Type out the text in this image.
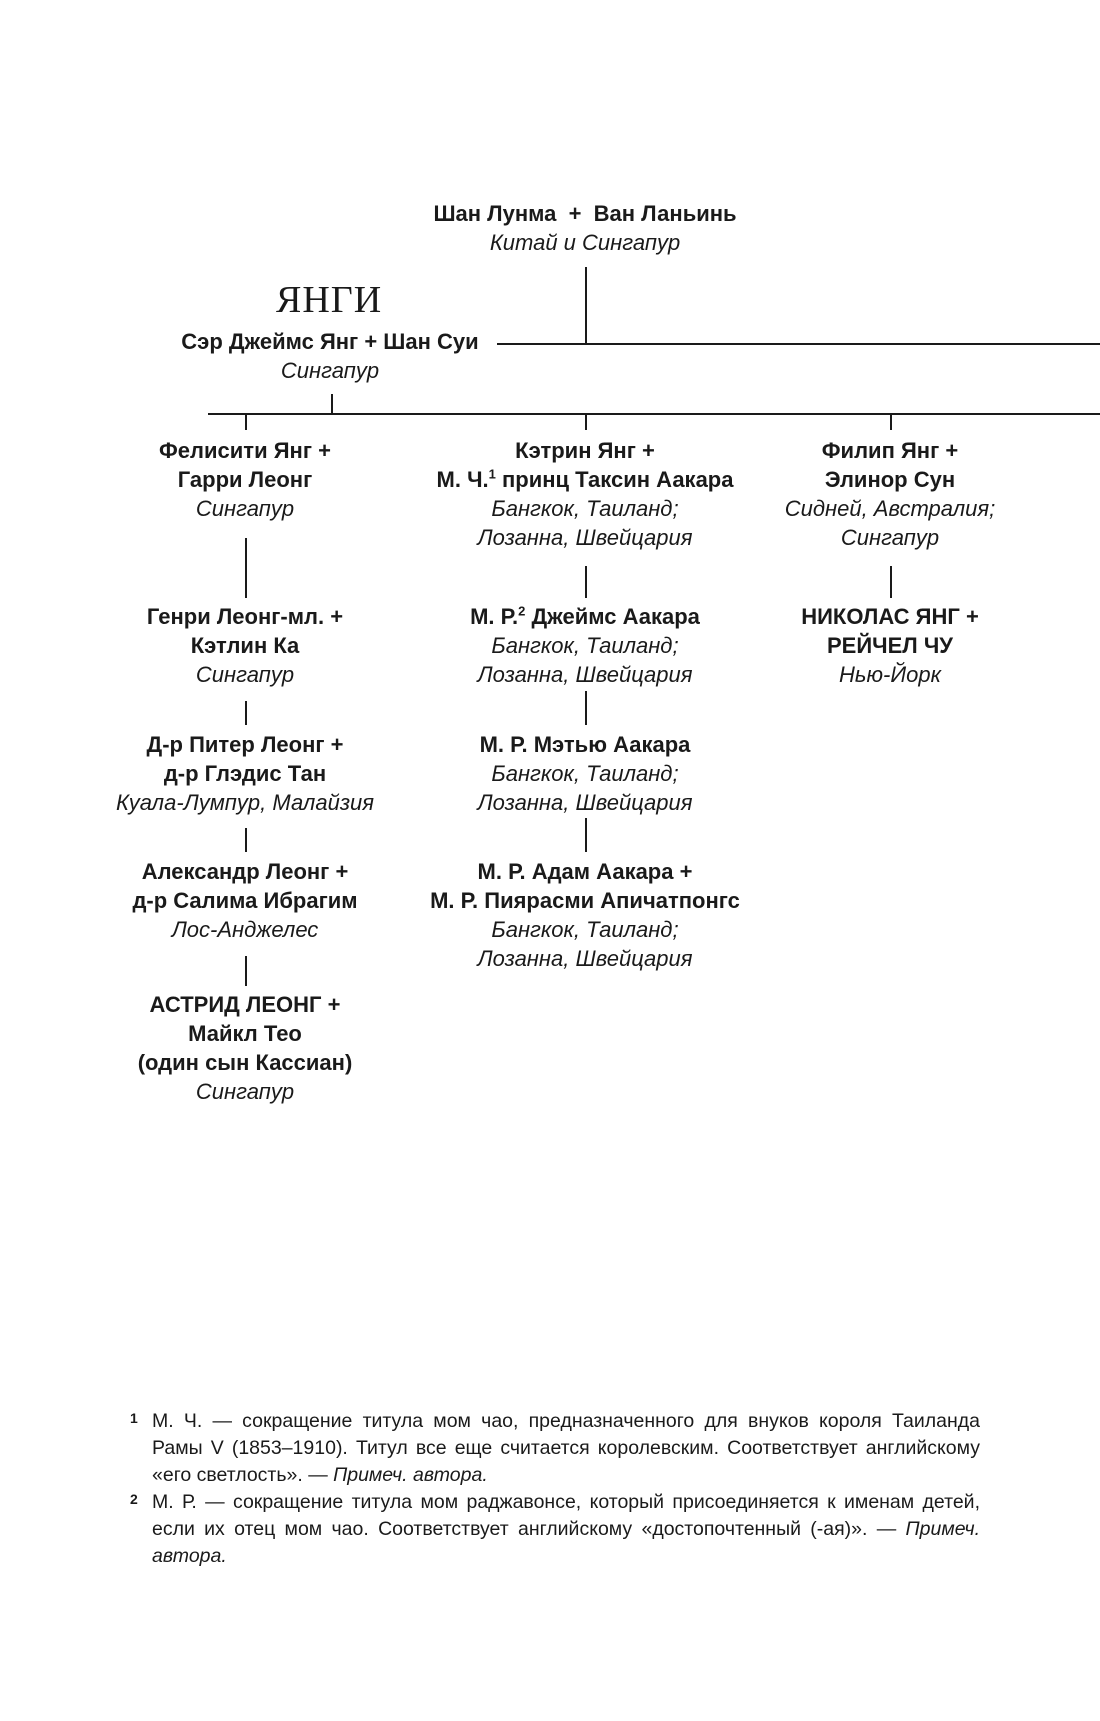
Шан Лунма  +  Ван Ланьинь
Китай и Сингапур
ЯНГИ
Сэр Джеймс Янг + Шан Суи
Сингапур
Фелисити Янг +
Гарри Леонг
Сингапур
Генри Леонг-мл. +
Кэтлин Ка
Сингапур
Д-р Питер Леонг +
д-р Глэдис Тан
Куала-Лумпур, Малайзия
Александр Леонг +
д-р Салима Ибрагим
Лос-Анджелес
АСТРИД ЛЕОНГ +
Майкл Тео
(один сын Кассиан)
Сингапур
Кэтрин Янг +
М. Ч.$^1$ принц Таксин Аакара
Бангкок, Таиланд;
Лозанна, Швейцария
М. Р.$^2$ Джеймс Аакара
Бангкок, Таиланд;
Лозанна, Швейцария
М. Р. Мэтью Аакара
Бангкок, Таиланд;
Лозанна, Швейцария
М. Р. Адам Аакара +
М. Р. Пиярасми Апичатпонгс
Бангкок, Таиланд;
Лозанна, Швейцария
Филип Янг +
Элинор Сун
Сидней, Австралия;
Сингапур
НИКОЛАС ЯНГ +
РЕЙЧЕЛ ЧУ
Нью-Йорк
1 М. Ч. — сокращение титула мом чао, предназначенного для внуков короля Таиланда Рамы V (1853–1910). Титул все еще считается королевским. Соответствует английскому «его светлость». — Примеч. автора.
2 М. Р. — сокращение титула мом раджавонсе, который присоединяется к именам детей, если их отец мом чао. Соответствует английскому «достопочтенный (-ая)». — Примеч. автора.
